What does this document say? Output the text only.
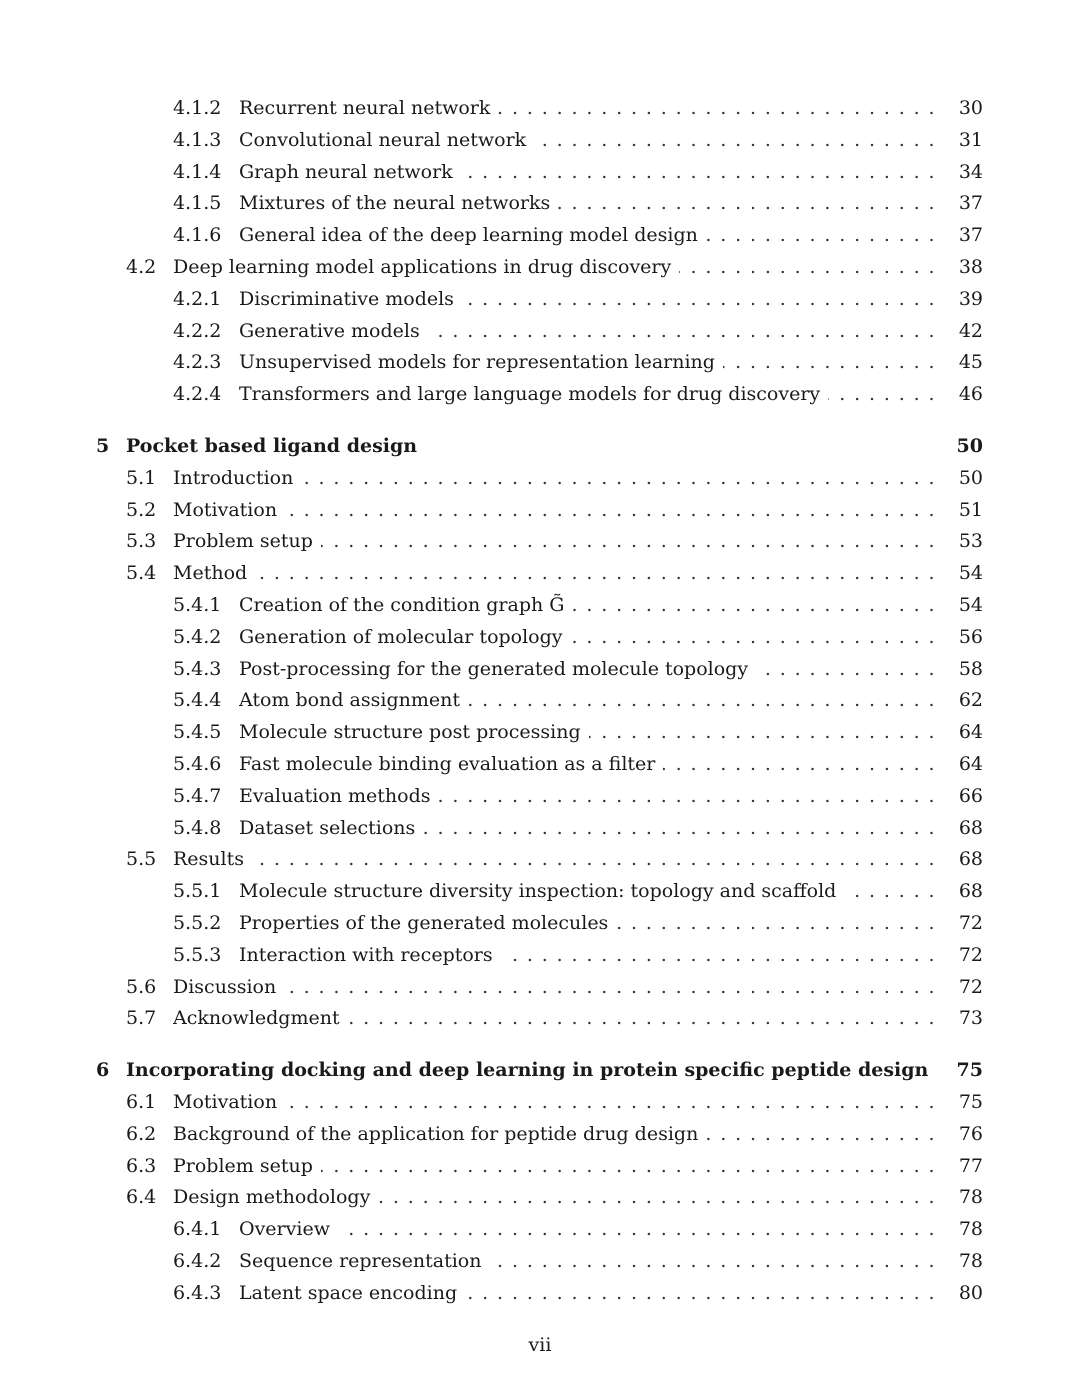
4.1.2 Recurrent neural network . . .	30
4.1.3 Convolutional neural network . . .	31
4.1.4 Graph neural network . . .	34
4.1.5 Mixtures of the neural networks . . .	37
4.1.6 General idea of the deep learning model design . . .	37
4.2 Deep learning model applications in drug discovery . . .	38
4.2.1 Discriminative models . . .	39
4.2.2 Generative models . . .	42
4.2.3 Unsupervised models for representation learning . . .	45
4.2.4 Transformers and large language models for drug discovery . . .	46
5 Pocket based ligand design	50
5.1 Introduction . . .	50
5.2 Motivation . . .	51
5.3 Problem setup . . .	53
5.4 Method . . .	54
5.4.1 Creation of the condition graph G̃ . . .	54
5.4.2 Generation of molecular topology . . .	56
5.4.3 Post-processing for the generated molecule topology . . .	58
5.4.4 Atom bond assignment . . .	62
5.4.5 Molecule structure post processing . . .	64
5.4.6 Fast molecule binding evaluation as a filter . . .	64
5.4.7 Evaluation methods . . .	66
5.4.8 Dataset selections . . .	68
5.5 Results . . .	68
5.5.1 Molecule structure diversity inspection: topology and scaffold . . .	68
5.5.2 Properties of the generated molecules . . .	72
5.5.3 Interaction with receptors . . .	72
5.6 Discussion . . .	72
5.7 Acknowledgment . . .	73
6 Incorporating docking and deep learning in protein specific peptide design	75
6.1 Motivation . . .	75
6.2 Background of the application for peptide drug design . . .	76
6.3 Problem setup . . .	77
6.4 Design methodology . . .	78
6.4.1 Overview . . .	78
6.4.2 Sequence representation . . .	78
6.4.3 Latent space encoding . . .	80
vii
